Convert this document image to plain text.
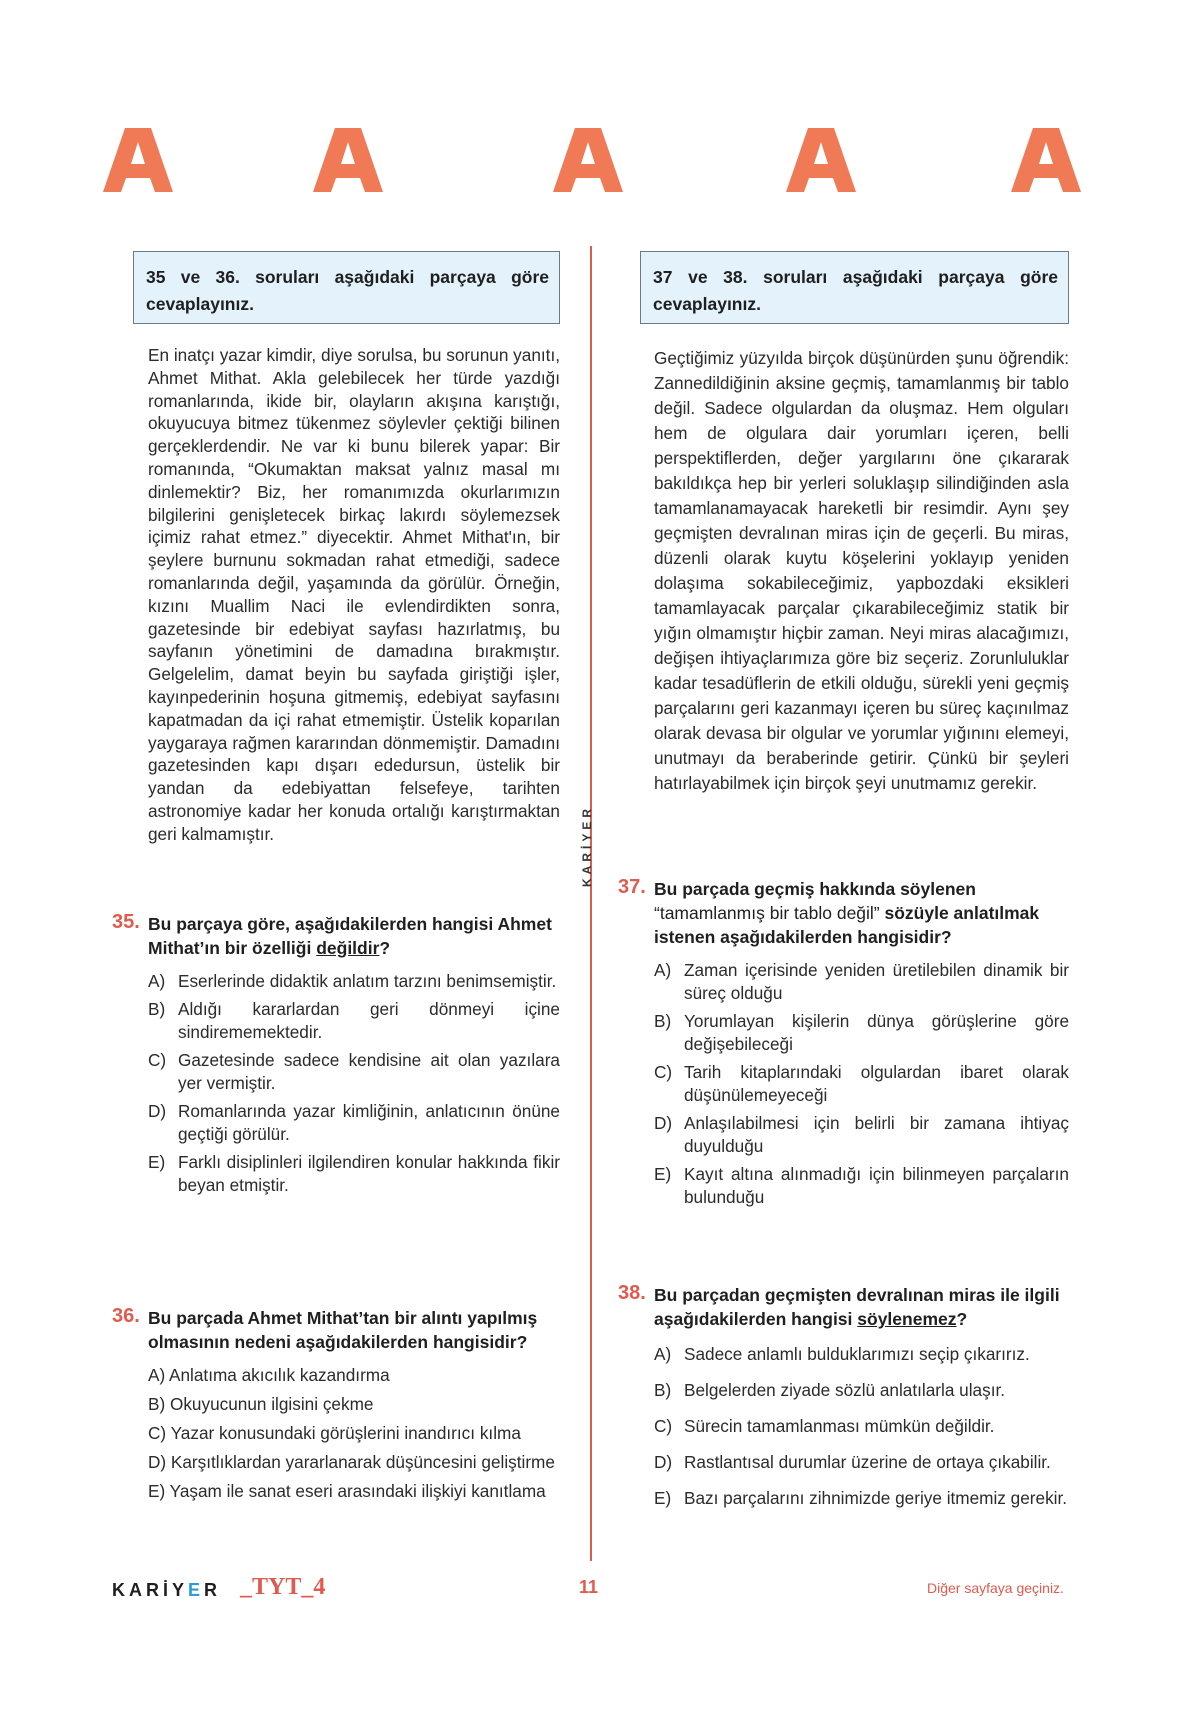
35 ve 36. soruları aşağıdaki parçaya göre cevaplayınız.
37 ve 38. soruları aşağıdaki parçaya göre cevaplayınız.

En inatçı yazar kimdir, diye sorulsa, bu sorunun yanıtı, Ahmet Mithat. Akla gelebilecek her türde yazdığı romanlarında, ikide bir, olayların akışına karıştığı, okuyucuya bitmez tükenmez söylevler çektiği bilinen gerçeklerdendir. Ne var ki bunu bilerek yapar: Bir romanında, “Okumaktan maksat yalnız masal mı dinlemektir? Biz, her romanımızda okurlarımızın bilgilerini genişletecek birkaç lakırdı söylemezsek içimiz rahat etmez.” diyecektir. Ahmet Mithat'ın, bir şeylere burnunu sokmadan rahat etmediği, sadece romanlarında değil, yaşamında da görülür. Örneğin, kızını Muallim Naci ile evlendirdikten sonra, gazetesinde bir edebiyat sayfası hazırlatmış, bu sayfanın yönetimini de damadına bırakmıştır. Gelgelelim, damat beyin bu sayfada giriştiği işler, kayınpederinin hoşuna gitmemiş, edebiyat sayfasını kapatmadan da içi rahat etmemiştir. Üstelik koparılan yaygaraya rağmen kararından dönmemiştir. Damadını gazetesinden kapı dışarı ededursun, üstelik bir yandan da edebiyattan felsefeye, tarihten astronomiye kadar her konuda ortalığı karıştırmaktan geri kalmamıştır.

Geçtiğimiz yüzyılda birçok düşünürden şunu öğrendik: Zannedildiğinin aksine geçmiş, tamamlanmış bir tablo değil. Sadece olgulardan da oluşmaz. Hem olguları hem de olgulara dair yorumları içeren, belli perspektiflerden, değer yargılarını öne çıkararak bakıldıkça hep bir yerleri soluklaşıp silindiğinden asla tamamlanamayacak hareketli bir resimdir. Aynı şey geçmişten devralınan miras için de geçerli. Bu miras, düzenli olarak kuytu köşelerini yoklayıp yeniden dolaşıma sokabileceğimiz, yapbozdaki eksikleri tamamlayacak parçalar çıkarabileceğimiz statik bir yığın olmamıştır hiçbir zaman. Neyi miras alacağımızı, değişen ihtiyaçlarımıza göre biz seçeriz. Zorunluluklar kadar tesadüflerin de etkili olduğu, sürekli yeni geçmiş parçalarını geri kazanmayı içeren bu süreç kaçınılmaz olarak devasa bir olgular ve yorumlar yığınını elemeyi, unutmayı da beraberinde getirir. Çünkü bir şeyleri hatırlayabilmek için birçok şeyi unutmamız gerekir.

KARİYER
35. Bu parçaya göre, aşağıdakilerden hangisi Ahmet Mithat’ın bir özelliği değildir?
A) Eserlerinde didaktik anlatım tarzını benimsemiştir.
B) Aldığı kararlardan geri dönmeyi içine sindirememektedir.
C) Gazetesinde sadece kendisine ait olan yazılara yer vermiştir.
D) Romanlarında yazar kimliğinin, anlatıcının önüne geçtiği görülür.
E) Farklı disiplinleri ilgilendiren konular hakkında fikir beyan etmiştir.
36. Bu parçada Ahmet Mithat’tan bir alıntı yapılmış olmasının nedeni aşağıdakilerden hangisidir?
A) Anlatıma akıcılık kazandırma
B) Okuyucunun ilgisini çekme
C) Yazar konusundaki görüşlerini inandırıcı kılma
D) Karşıtlıklardan yararlanarak düşüncesini geliştirme
E) Yaşam ile sanat eseri arasındaki ilişkiyi kanıtlama
37. Bu parçada geçmiş hakkında söylenen “tamamlanmış bir tablo değil” sözüyle anlatılmak istenen aşağıdakilerden hangisidir?
A) Zaman içerisinde yeniden üretilebilen dinamik bir süreç olduğu
B) Yorumlayan kişilerin dünya görüşlerine göre değişebileceği
C) Tarih kitaplarındaki olgulardan ibaret olarak düşünülemeyeceği
D) Anlaşılabilmesi için belirli bir zamana ihtiyaç duyulduğu
E) Kayıt altına alınmadığı için bilinmeyen parçaların bulunduğu
38. Bu parçadan geçmişten devralınan miras ile ilgili aşağıdakilerden hangisi söylenemez?
A) Sadece anlamlı bulduklarımızı seçip çıkarırız.
B) Belgelerden ziyade sözlü anlatılarla ulaşır.
C) Sürecin tamamlanması mümkün değildir.
D) Rastlantısal durumlar üzerine de ortaya çıkabilir.
E) Bazı parçalarını zihnimizde geriye itmemiz gerekir.
KARİYER _TYT_4	11	Diğer sayfaya geçiniz.
